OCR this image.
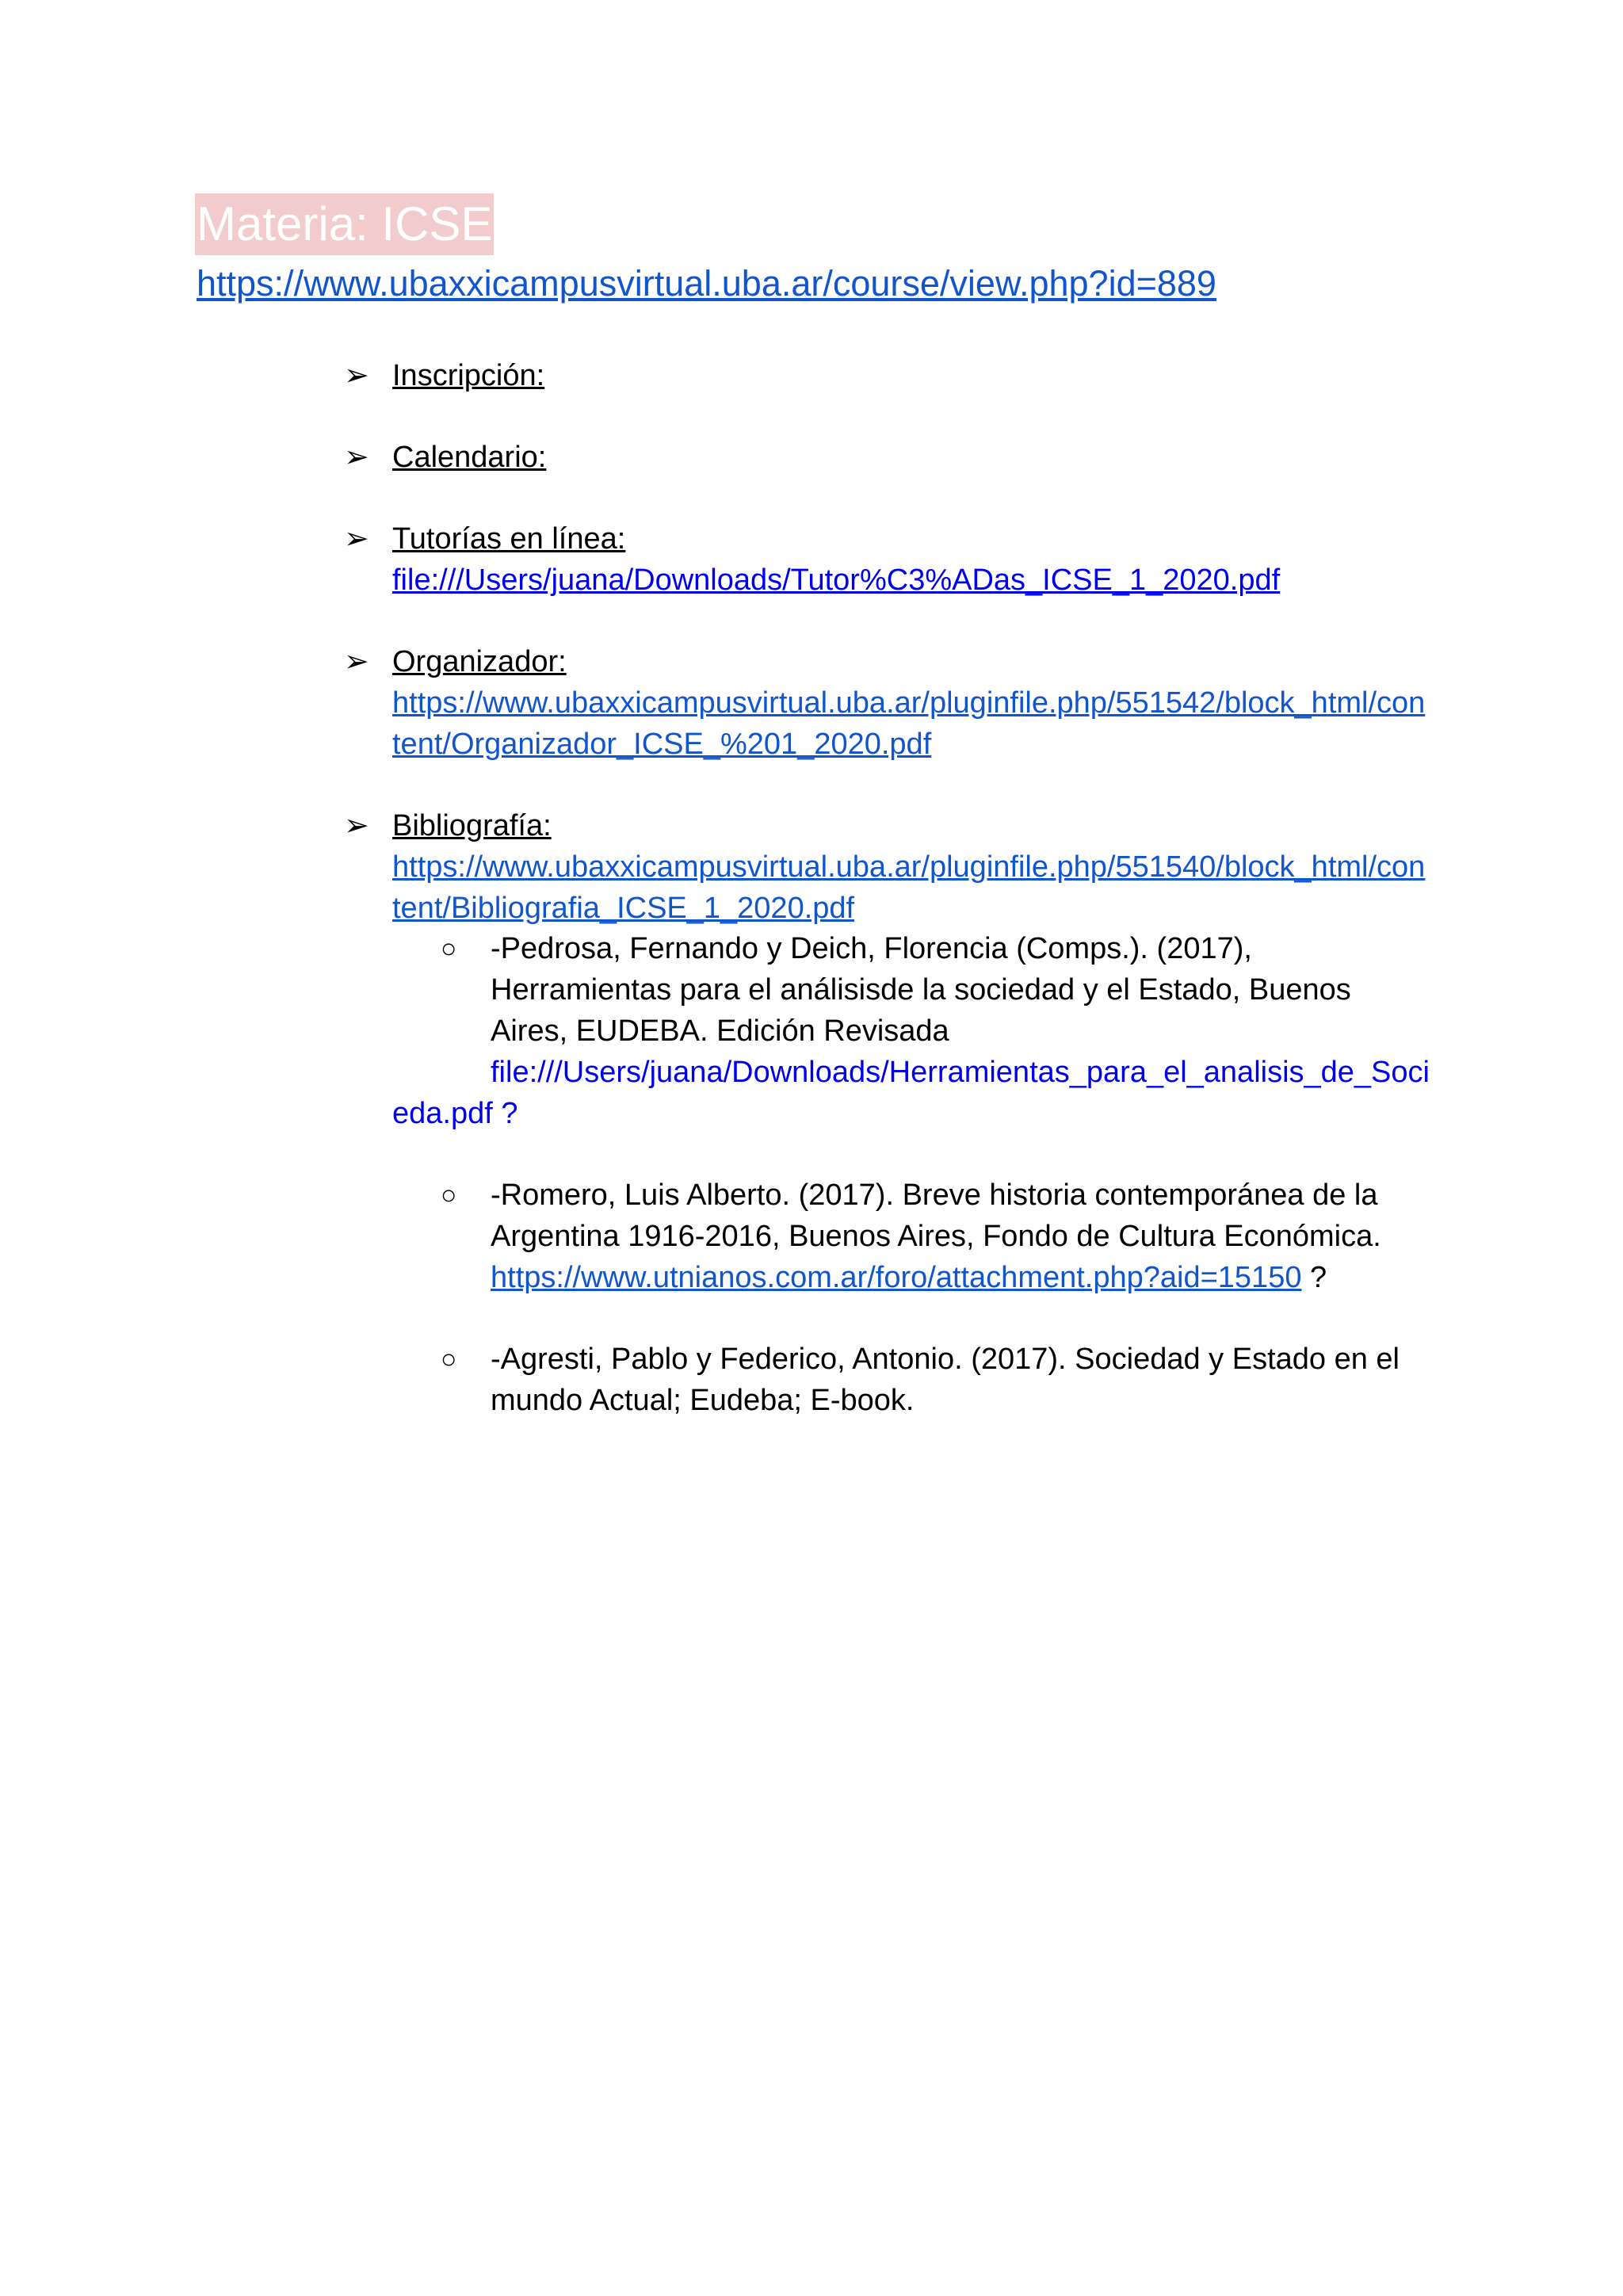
Materia: ICSE
https://www.ubaxxicampusvirtual.uba.ar/course/view.php?id=889
➢ Inscripción:
➢ Calendario:
➢ Tutorías en línea:
file:///Users/juana/Downloads/Tutor%C3%ADas_ICSE_1_2020.pdf
➢ Organizador:
https://www.ubaxxicampusvirtual.uba.ar/pluginfile.php/551542/block_html/con
tent/Organizador_ICSE_%201_2020.pdf
➢ Bibliografía:
https://www.ubaxxicampusvirtual.uba.ar/pluginfile.php/551540/block_html/con
tent/Bibliografia_ICSE_1_2020.pdf
○ -Pedrosa, Fernando y Deich, Florencia (Comps.). (2017),
Herramientas para el análisisde la sociedad y el Estado, Buenos
Aires, EUDEBA. Edición Revisada
file:///Users/juana/Downloads/Herramientas_para_el_analisis_de_Soci
eda.pdf ?
○ -Romero, Luis Alberto. (2017). Breve historia contemporánea de la
Argentina 1916-2016, Buenos Aires, Fondo de Cultura Económica.
https://www.utnianos.com.ar/foro/attachment.php?aid=15150 ?
○ -Agresti, Pablo y Federico, Antonio. (2017). Sociedad y Estado en el
mundo Actual; Eudeba; E-book.
